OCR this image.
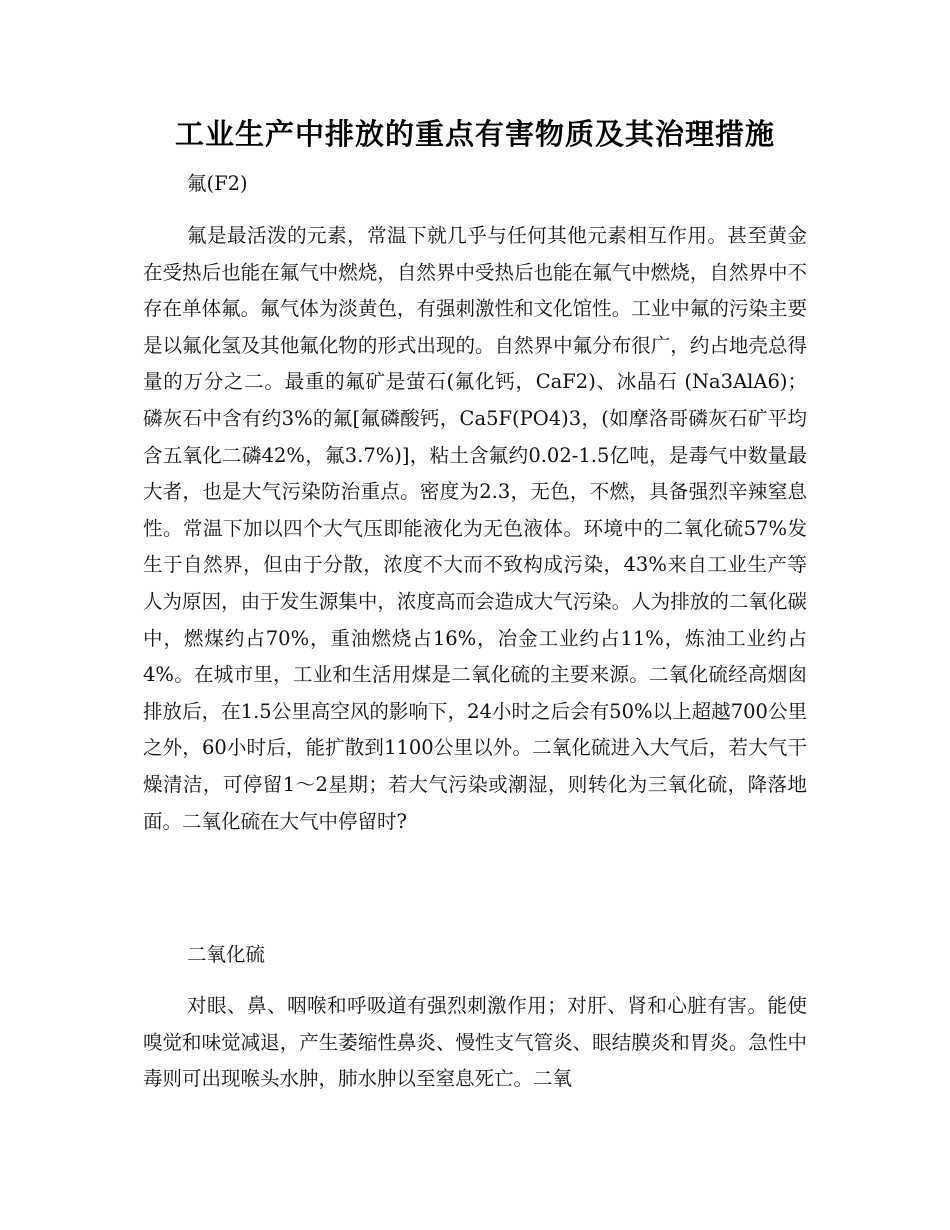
工业生产中排放的重点有害物质及其治理措施

氟(F2)

氟是最活泼的元素，常温下就几乎与任何其他元素相互作用。甚至黄金在受热后也能在氟气中燃烧，自然界中受热后也能在氟气中燃烧，自然界中不存在单体氟。氟气体为淡黄色，有强刺激性和文化馆性。工业中氟的污染主要是以氟化氢及其他氟化物的形式出现的。自然界中氟分布很广，约占地壳总得量的万分之二。最重的氟矿是萤石(氟化钙，CaF2)、冰晶石 (Na3AlA6)；磷灰石中含有约3%的氟[氟磷酸钙，Ca5F(PO4)3，(如摩洛哥磷灰石矿平均含五氧化二磷42%，氟3.7%)]，粘土含氟约0.02-1.5亿吨，是毒气中数量最大者，也是大气污染防治重点。密度为2.3，无色，不燃，具备强烈辛辣窒息性。常温下加以四个大气压即能液化为无色液体。环境中的二氧化硫57%发生于自然界，但由于分散，浓度不大而不致构成污染，43%来自工业生产等人为原因，由于发生源集中，浓度高而会造成大气污染。人为排放的二氧化碳中，燃煤约占70%，重油燃烧占16%，冶金工业约占11%，炼油工业约占4%。在城市里，工业和生活用煤是二氧化硫的主要来源。二氧化硫经高烟囱排放后，在1.5公里高空风的影响下，24小时之后会有50%以上超越700公里之外，60小时后，能扩散到1100公里以外。二氧化硫进入大气后，若大气干燥清洁，可停留1～2星期；若大气污染或潮湿，则转化为三氧化硫，降落地面。二氧化硫在大气中停留时?

二氧化硫

对眼、鼻、咽喉和呼吸道有强烈刺激作用；对肝、肾和心脏有害。能使嗅觉和味觉减退，产生萎缩性鼻炎、慢性支气管炎、眼结膜炎和胃炎。急性中毒则可出现喉头水肿，肺水肿以至窒息死亡。二氧
